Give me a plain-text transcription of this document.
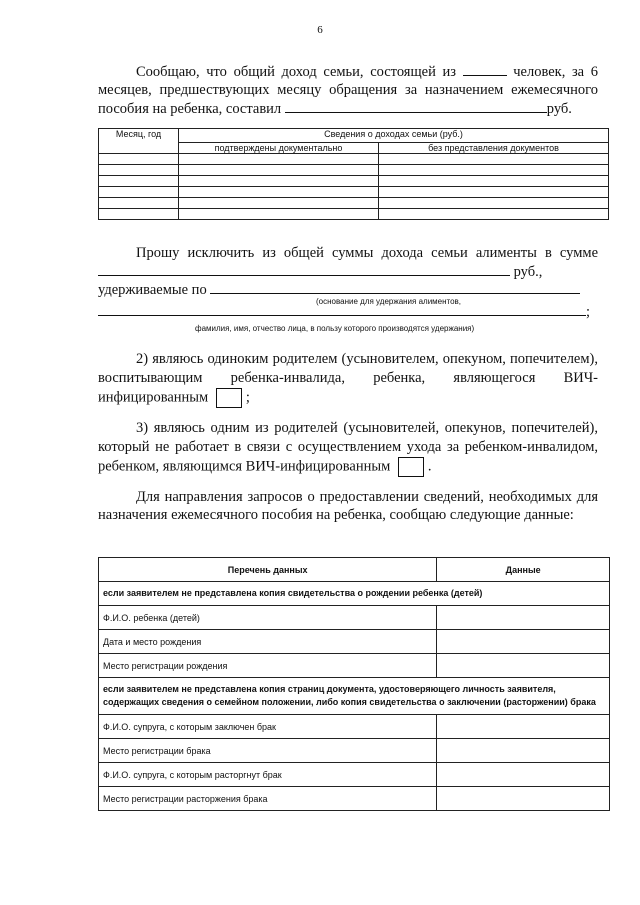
6
Сообщаю, что общий доход семьи, состоящей из	человек, за 6 месяцев, предшествующих месяцу обращения за назначением ежемесячного пособия на ребенка, составил	руб.
Месяц, год	Сведения о доходах семьи (руб.)	
	подтверждены документально	без представления документов

Прошу исключить из общей суммы дохода семьи алименты в сумме  руб.,
удерживаемые по
(основание для удержания алиментов,
;
фамилия, имя, отчество лица, в пользу которого производятся удержания)
2) являюсь одиноким родителем (усыновителем, опекуном, попечителем), воспитывающим ребенка-инвалида, ребенка, являющегося ВИЧ-инфицированным	;
3) являюсь одним из родителей (усыновителей, опекунов, попечителей), который не работает в связи с осуществлением ухода за ребенком-инвалидом, ребенком, являющимся ВИЧ-инфицированным	.
Для направления запросов о предоставлении сведений, необходимых для назначения ежемесячного пособия на ребенка, сообщаю следующие данные:
Перечень данных	Данные
если заявителем не представлена копия свидетельства о рождении ребенка (детей)	
Ф.И.О. ребенка (детей)	
Дата и место рождения	
Место регистрации рождения	
если заявителем не представлена копия страниц документа, удостоверяющего личность заявителя, содержащих сведения о семейном положении, либо копия свидетельства о заключении (расторжении) брака	
Ф.И.О. супруга, с которым заключен брак	
Место регистрации брака	
Ф.И.О. супруга, с которым расторгнут брак	
Место регистрации расторжения брака	
